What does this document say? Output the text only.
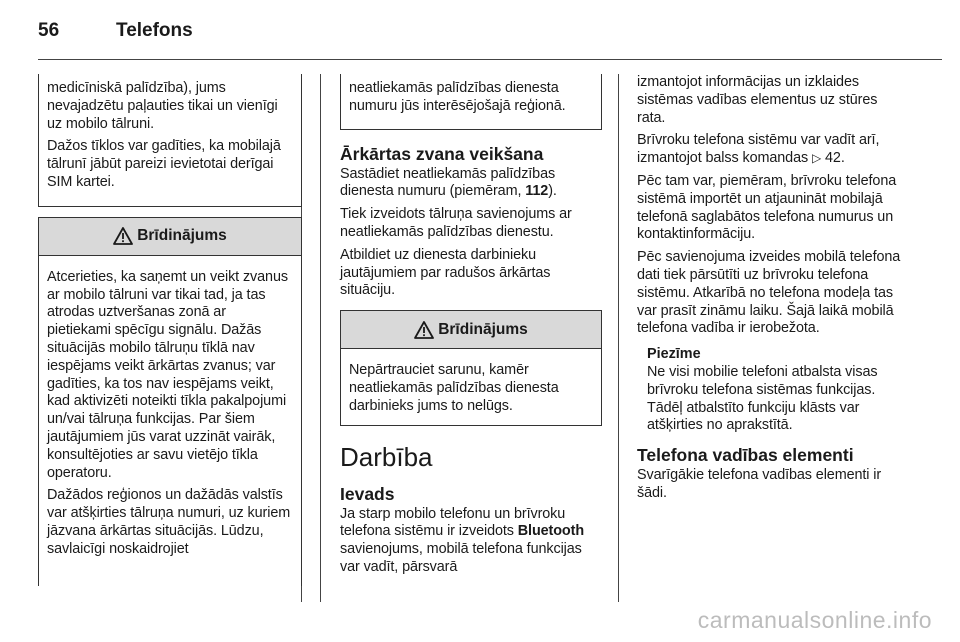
56	Telefons

medicīniskā palīdzība), jums nevajadzētu paļauties tikai un vienīgi uz mobilo tālruni.

Dažos tīklos var gadīties, ka mobilajā tālrunī jābūt pareizi ievietotai derīgai SIM kartei.

Brīdinājums

Atcerieties, ka saņemt un veikt zvanus ar mobilo tālruni var tikai tad, ja tas atrodas uztveršanas zonā ar pietiekami spēcīgu signālu. Dažās situācijās mobilo tālruņu tīklā nav iespējams veikt ārkārtas zvanus; var gadīties, ka tos nav iespējams veikt, kad aktivizēti noteikti tīkla pakalpojumi un/vai tālruņa funkcijas. Par šiem jautājumiem jūs varat uzzināt vairāk, konsultējoties ar savu vietējo tīkla operatoru.

Dažādos reģionos un dažādās valstīs var atšķirties tālruņa numuri, uz kuriem jāzvana ārkārtas situācijās. Lūdzu, savlaicīgi noskaidrojiet

neatliekamās palīdzības dienesta numuru jūs interēsējošajā reģionā.

Ārkārtas zvana veikšana

Sastādiet neatliekamās palīdzības dienesta numuru (piemēram, 112).

Tiek izveidots tālruņa savienojums ar neatliekamās palīdzības dienestu.

Atbildiet uz dienesta darbinieku jautājumiem par radušos ārkārtas situāciju.

Brīdinājums

Nepārtrauciet sarunu, kamēr neatliekamās palīdzības dienesta darbinieks jums to nelūgs.

Darbība
Ievads

Ja starp mobilo telefonu un brīvroku telefona sistēmu ir izveidots Bluetooth savienojums, mobilā telefona funkcijas var vadīt, pārsvarā

izmantojot informācijas un izklaides sistēmas vadības elementus uz stūres rata.

Brīvroku telefona sistēmu var vadīt arī, izmantojot balss komandas ▷ 42.

Pēc tam var, piemēram, brīvroku telefona sistēmā importēt un atjaunināt mobilajā telefonā saglabātos telefona numurus un kontaktinformāciju.

Pēc savienojuma izveides mobilā telefona dati tiek pārsūtīti uz brīvroku telefona sistēmu. Atkarībā no telefona modeļa tas var prasīt zināmu laiku. Šajā laikā mobilā telefona vadība ir ierobežota.

Piezīme

Ne visi mobilie telefoni atbalsta visas brīvroku telefona sistēmas funkcijas. Tādēļ atbalstīto funkciju klāsts var atšķirties no aprakstītā.

Telefona vadības elementi

Svarīgākie telefona vadības elementi ir šādi.

carmanualsonline.info
